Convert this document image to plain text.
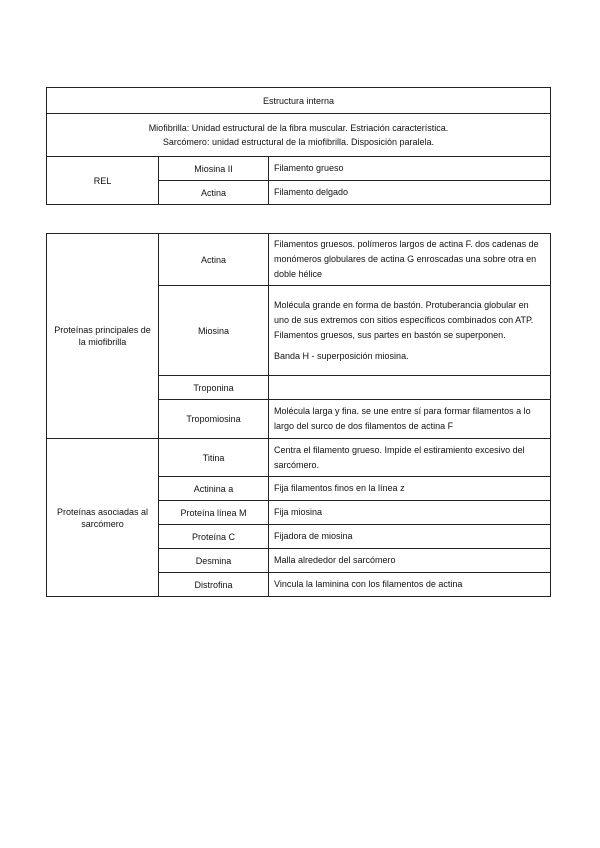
Estructura interna		

Miofibrilla: Unidad estructural de la fibra muscular. Estriación característica.
Sarcómero: unidad estructural de la miofibrilla. Disposición paralela.		

REL	Miosina II	Filamento grueso
	Actina	Filamento delgado
Proteínas principales de la miofibrilla	Actina	Filamentos gruesos. polímeros largos de actina F. dos cadenas de monómeros globulares de actina G enroscadas una sobre otra en doble hélice
	Miosina	Molécula grande en forma de bastón. Protuberancia globular en uno de sus extremos con sitios específicos combinados con ATP. Filamentos gruesos, sus partes en bastón se superponen.

Banda H - superposición miosina.

	Troponina	
	Tropomiosina	Molécula larga y fina. se une entre sí para formar filamentos a lo largo del surco de dos filamentos de actina F
Proteínas asociadas al sarcómero	Titina	Centra el filamento grueso. Impide el estiramiento excesivo del sarcómero.
	Actinina a	Fija filamentos finos en la línea z
	Proteína línea M	Fija miosina
	Proteína C	Fijadora de miosina
	Desmina	Malla alrededor del sarcómero
	Distrofina	Vincula la laminina con los filamentos de actina
